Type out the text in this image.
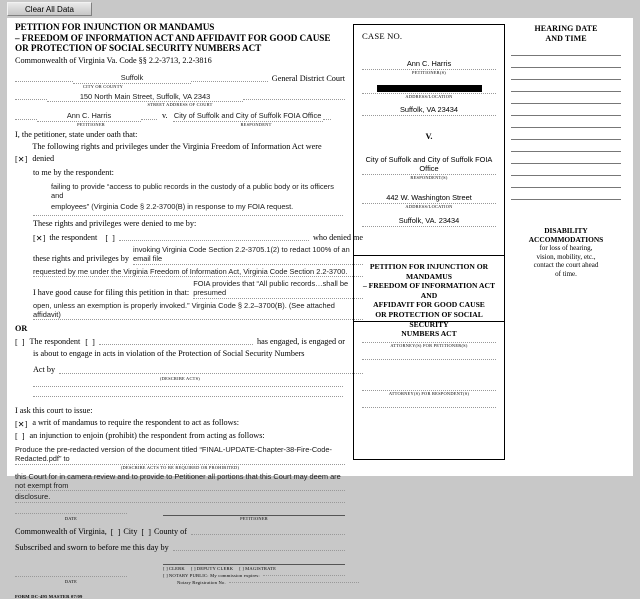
Clear All Data
PETITION FOR INJUNCTION OR MANDAMUS
– FREEDOM OF INFORMATION ACT AND AFFIDAVIT FOR GOOD CAUSE
OR PROTECTION OF SOCIAL SECURITY NUMBERS ACT
Commonwealth of Virginia Va. Code §§ 2.2-3713, 2.2-3816
Suffolk	General District Court
CITY OR COUNTY
150 North Main Street, Suffolk, VA 2343
STREET ADDRESS OF COURT
Ann C. Harris	v. City of Suffolk and City of Suffolk FOIA Office
PETITIONER	RESPONDENT
I, the petitioner, state under oath that:
[✕]
The following rights and privileges under the Virginia Freedom of Information Act were denied
to me by the respondent:
failing to provide “access to public records in the custody of a public body or its officers and
employees” (Virginia Code § 2.2-3700(B) in response to my FOIA request.
These rights and privileges were denied to me by:
[✕] the respondent [  ]	who denied me
these rights and privileges by
invoking Virginia Code Section 2.2-3705.1(2) to redact 100% of an email file
requested by me under the Virginia Freedom of Information Act, Virginia Code Section 2.2-3700.
I have good cause for filing this petition in that:
FOIA provides that “All public records…shall be presumed
open, unless an exemption is properly invoked.” Virginia Code § 2.2–3700(B). (See attached affidavit)
OR
[  ] The respondent [  ]	has engaged, is engaged or
is about to engage in acts in violation of the Protection of Social Security Numbers
Act by
(DESCRIBE ACTS)
I ask this court to issue:
[✕] a writ of mandamus to require the respondent to act as follows:
[  ] an injunction to enjoin (prohibit) the respondent from acting as follows:
Produce the pre-redacted version of the document titled “FINAL-UPDATE-Chapter-38-Fire-Code-Redacted.pdf” to
(DESCRIBE ACTS TO BE REQUIRED OR PROHIBITED)
this Court for in camera review and to provide to Petitioner all portions that this Court may deem are not exempt from
disclosure.
DATE	PETITIONER
Commonwealth of Virginia, [  ] City [  ] County of
Subscribed and sworn to before me this day by
DATE
[ ] CLERK	[ ] DEPUTY CLERK	[ ] MAGISTRATE
[ ] NOTARY PUBLIC: My commission expires:
Notary Registration No.
FORM DC-495 MASTER 07/09
CASE NO.
Ann C. Harris
PETITIONER(S)
ADDRESS/LOCATION
Suffolk, VA 23434
V.
City of Suffolk and City of Suffolk FOIA Office
RESPONDENT(S)
442 W. Washington Street
ADDRESS/LOCATION
Suffolk, VA. 23434
PETITION FOR INJUNCTION OR MANDAMUS
– FREEDOM OF INFORMATION ACT AND
AFFIDAVIT FOR GOOD CAUSE
OR PROTECTION OF SOCIAL SECURITY
NUMBERS ACT
ATTORNEY(S) FOR PETITIONER(S)
ATTORNEY(S) FOR RESPONDENT(S)
HEARING DATE
AND TIME
DISABILITY
ACCOMMODATIONS
for loss of hearing,
vision, mobility, etc.,
contact the court ahead
of time.
